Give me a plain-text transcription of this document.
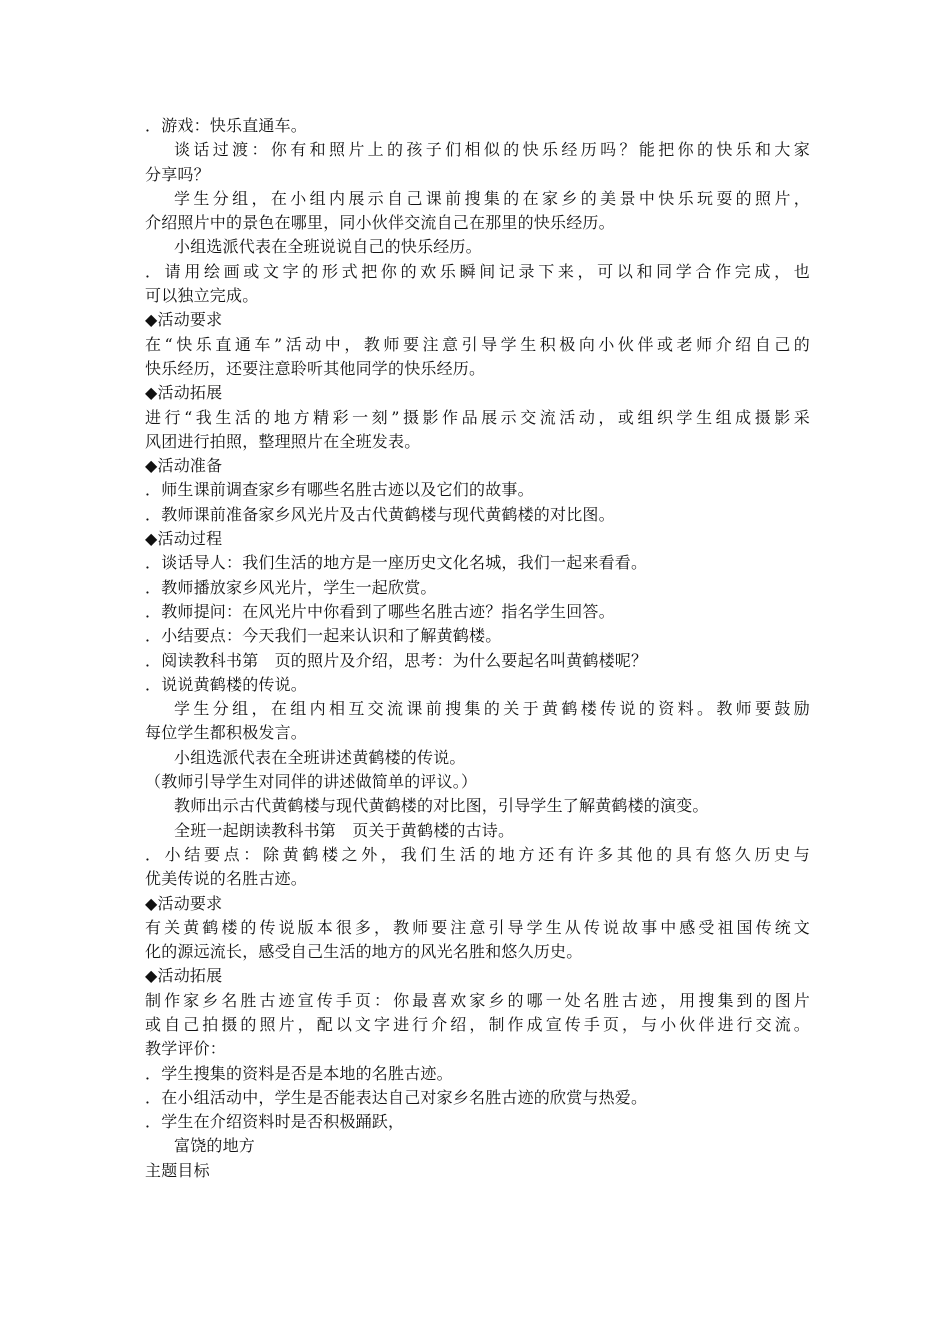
．游戏：快乐直通车。
谈话过渡：你有和照片上的孩子们相似的快乐经历吗？能把你的快乐和大家
分享吗？
学生分组，在小组内展示自己课前搜集的在家乡的美景中快乐玩耍的照片，
介绍照片中的景色在哪里，同小伙伴交流自己在那里的快乐经历。
小组选派代表在全班说说自己的快乐经历。
．请用绘画或文字的形式把你的欢乐瞬间记录下来，可以和同学合作完成，也
可以独立完成。
◆活动要求
在“快乐直通车”活动中，教师要注意引导学生积极向小伙伴或老师介绍自己的
快乐经历，还要注意聆听其他同学的快乐经历。
◆活动拓展
进行“我生活的地方精彩一刻”摄影作品展示交流活动，或组织学生组成摄影采
风团进行拍照，整理照片在全班发表。
◆活动准备
．师生课前调查家乡有哪些名胜古迹以及它们的故事。
．教师课前准备家乡风光片及古代黄鹤楼与现代黄鹤楼的对比图。
◆活动过程
．谈话导人：我们生活的地方是一座历史文化名城，我们一起来看看。
．教师播放家乡风光片，学生一起欣赏。
．教师提问：在风光片中你看到了哪些名胜古迹？指名学生回答。
．小结要点：今天我们一起来认识和了解黄鹤楼。
．阅读教科书第　页的照片及介绍，思考：为什么要起名叫黄鹤楼呢？
．说说黄鹤楼的传说。
学生分组，在组内相互交流课前搜集的关于黄鹤楼传说的资料。教师要鼓励
每位学生都积极发言。
小组选派代表在全班讲述黄鹤楼的传说。
（教师引导学生对同伴的讲述做简单的评议。）
教师出示古代黄鹤楼与现代黄鹤楼的对比图，引导学生了解黄鹤楼的演变。
全班一起朗读教科书第　页关于黄鹤楼的古诗。
．小结要点：除黄鹤楼之外，我们生活的地方还有许多其他的具有悠久历史与
优美传说的名胜古迹。
◆活动要求
有关黄鹤楼的传说版本很多，教师要注意引导学生从传说故事中感受祖国传统文
化的源远流长，感受自己生活的地方的风光名胜和悠久历史。
◆活动拓展
制作家乡名胜古迹宣传手页：你最喜欢家乡的哪一处名胜古迹，用搜集到的图片
或自己拍摄的照片，配以文字进行介绍，制作成宣传手页，与小伙伴进行交流。
教学评价：
．学生搜集的资料是否是本地的名胜古迹。
．在小组活动中，学生是否能表达自己对家乡名胜古迹的欣赏与热爱。
．学生在介绍资料时是否积极踊跃，
富饶的地方
主题目标
